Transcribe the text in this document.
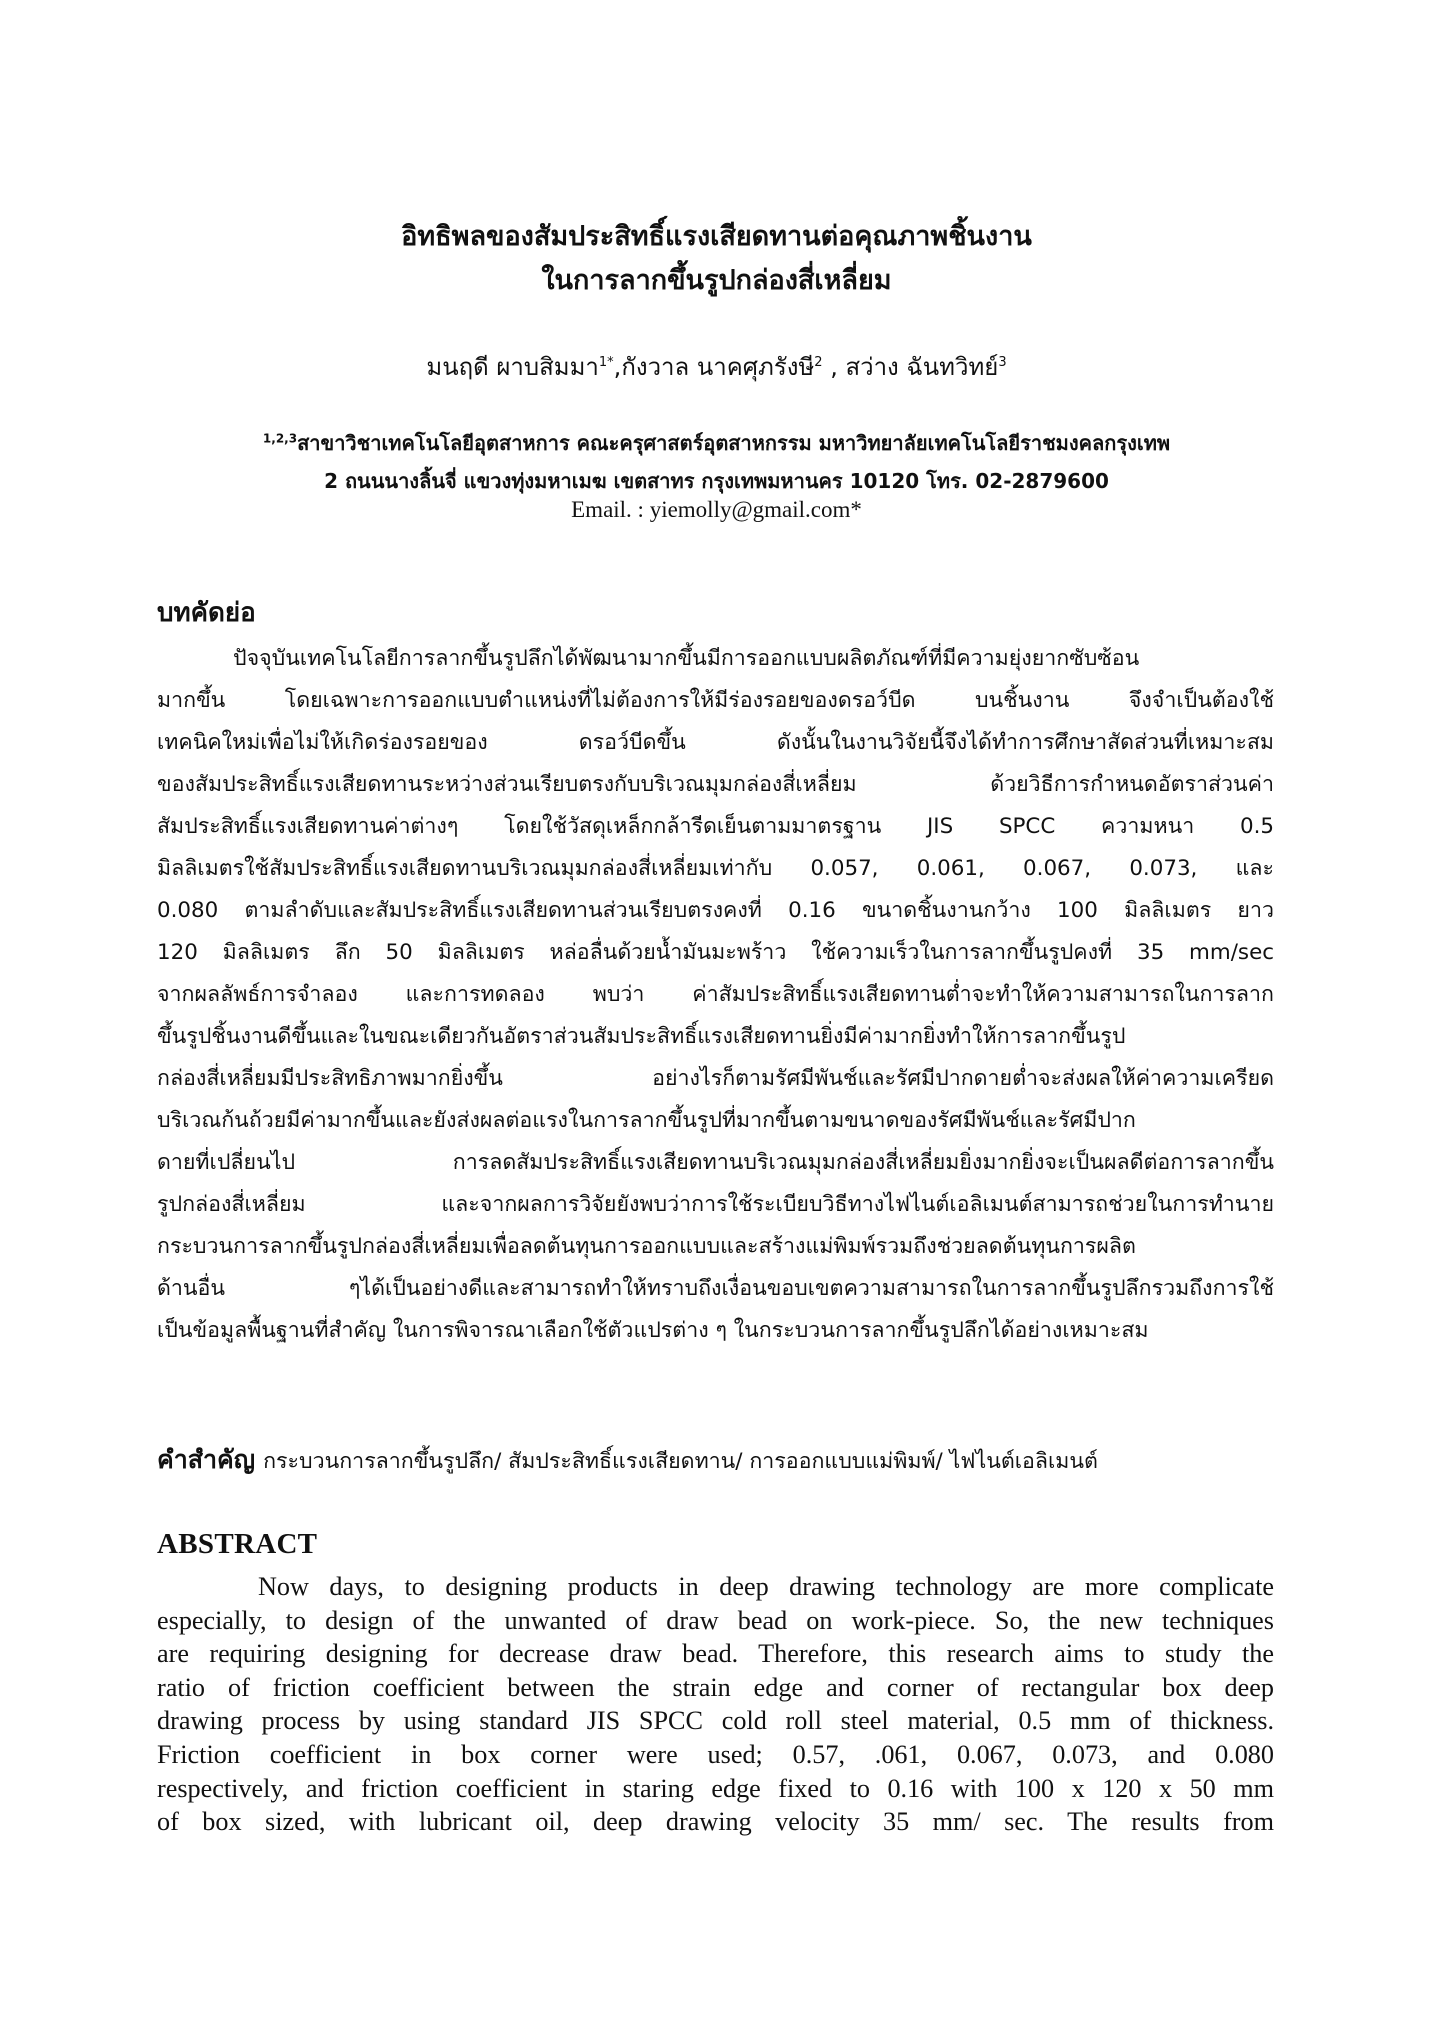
อิทธิพลของสัมประสิทธิ์แรงเสียดทานต่อคุณภาพชิ้นงาน
ในการลากขึ้นรูปกล่องสี่เหลี่ยม
มนฤดี ผาบสิมมา$^{1*}$,กังวาล นาคศุภรังษี$^2$ , สว่าง ฉันทวิทย์$^3$
$^{1,2,3}$สาขาวิชาเทคโนโลยีอุตสาหการ คณะครุศาสตร์อุตสาหกรรม มหาวิทยาลัยเทคโนโลยีราชมงคลกรุงเทพ
2 ถนนนางลิ้นจี่ แขวงทุ่งมหาเมฆ เขตสาทร กรุงเทพมหานคร 10120 โทร. 02-2879600
Email. : yiemolly@gmail.com*
บทคัดย่อ
ปัจจุบันเทคโนโลยีการลากขึ้นรูปลึกได้พัฒนามากขึ้นมีการออกแบบผลิตภัณฑ์ที่มีความยุ่งยากซับซ้อน
มากขึ้น โดยเฉพาะการออกแบบตำแหน่งที่ไม่ต้องการให้มีร่องรอยของดรอว์บีด บนชิ้นงาน จึงจำเป็นต้องใช้
เทคนิคใหม่เพื่อไม่ให้เกิดร่องรอยของ ดรอว์บีดขึ้น ดังนั้นในงานวิจัยนี้จึงได้ทำการศึกษาสัดส่วนที่เหมาะสม
ของสัมประสิทธิ์แรงเสียดทานระหว่างส่วนเรียบตรงกับบริเวณมุมกล่องสี่เหลี่ยม ด้วยวิธีการกำหนดอัตราส่วนค่า
สัมประสิทธิ์แรงเสียดทานค่าต่างๆ โดยใช้วัสดุเหล็กกล้ารีดเย็นตามมาตรฐาน JIS SPCC ความหนา 0.5
มิลลิเมตรใช้สัมประสิทธิ์แรงเสียดทานบริเวณมุมกล่องสี่เหลี่ยมเท่ากับ 0.057, 0.061, 0.067, 0.073, และ
0.080 ตามลำดับและสัมประสิทธิ์แรงเสียดทานส่วนเรียบตรงคงที่ 0.16 ขนาดชิ้นงานกว้าง 100 มิลลิเมตร ยาว
120 มิลลิเมตร ลึก 50 มิลลิเมตร หล่อลื่นด้วยน้ำมันมะพร้าว ใช้ความเร็วในการลากขึ้นรูปคงที่ 35 mm/sec
จากผลลัพธ์การจำลอง และการทดลอง พบว่า ค่าสัมประสิทธิ์แรงเสียดทานต่ำจะทำให้ความสามารถในการลาก
ขึ้นรูปชิ้นงานดีขึ้นและในขณะเดียวกันอัตราส่วนสัมประสิทธิ์แรงเสียดทานยิ่งมีค่ามากยิ่งทำให้การลากขึ้นรูป
กล่องสี่เหลี่ยมมีประสิทธิภาพมากยิ่งขึ้น อย่างไรก็ตามรัศมีพันช์และรัศมีปากดายต่ำจะส่งผลให้ค่าความเครียด
บริเวณก้นถ้วยมีค่ามากขึ้นและยังส่งผลต่อแรงในการลากขึ้นรูปที่มากขึ้นตามขนาดของรัศมีพันช์และรัศมีปาก
ดายที่เปลี่ยนไป การลดสัมประสิทธิ์แรงเสียดทานบริเวณมุมกล่องสี่เหลี่ยมยิ่งมากยิ่งจะเป็นผลดีต่อการลากขึ้น
รูปกล่องสี่เหลี่ยม และจากผลการวิจัยยังพบว่าการใช้ระเบียบวิธีทางไฟไนต์เอลิเมนต์สามารถช่วยในการทำนาย
กระบวนการลากขึ้นรูปกล่องสี่เหลี่ยมเพื่อลดต้นทุนการออกแบบและสร้างแม่พิมพ์รวมถึงช่วยลดต้นทุนการผลิต
ด้านอื่น ๆได้เป็นอย่างดีและสามารถทำให้ทราบถึงเงื่อนขอบเขตความสามารถในการลากขึ้นรูปลึกรวมถึงการใช้
เป็นข้อมูลพื้นฐานที่สำคัญ ในการพิจารณาเลือกใช้ตัวแปรต่าง ๆ ในกระบวนการลากขึ้นรูปลึกได้อย่างเหมาะสม
คำสำคัญ กระบวนการลากขึ้นรูปลึก/ สัมประสิทธิ์แรงเสียดทาน/ การออกแบบแม่พิมพ์/ ไฟไนต์เอลิเมนต์
ABSTRACT
Now days, to designing products in deep drawing technology are more complicate
especially, to design of the unwanted of draw bead on work-piece. So, the new techniques
are requiring designing for decrease draw bead. Therefore, this research aims to study the
ratio of friction coefficient between the strain edge and corner of rectangular box deep
drawing process by using standard JIS SPCC cold roll steel material, 0.5 mm of thickness.
Friction coefficient in box corner were used; 0.57, .061, 0.067, 0.073, and 0.080
respectively, and friction coefficient in staring edge fixed to 0.16 with 100 x 120 x 50 mm
of box sized, with lubricant oil, deep drawing velocity 35 mm/ sec. The results from
